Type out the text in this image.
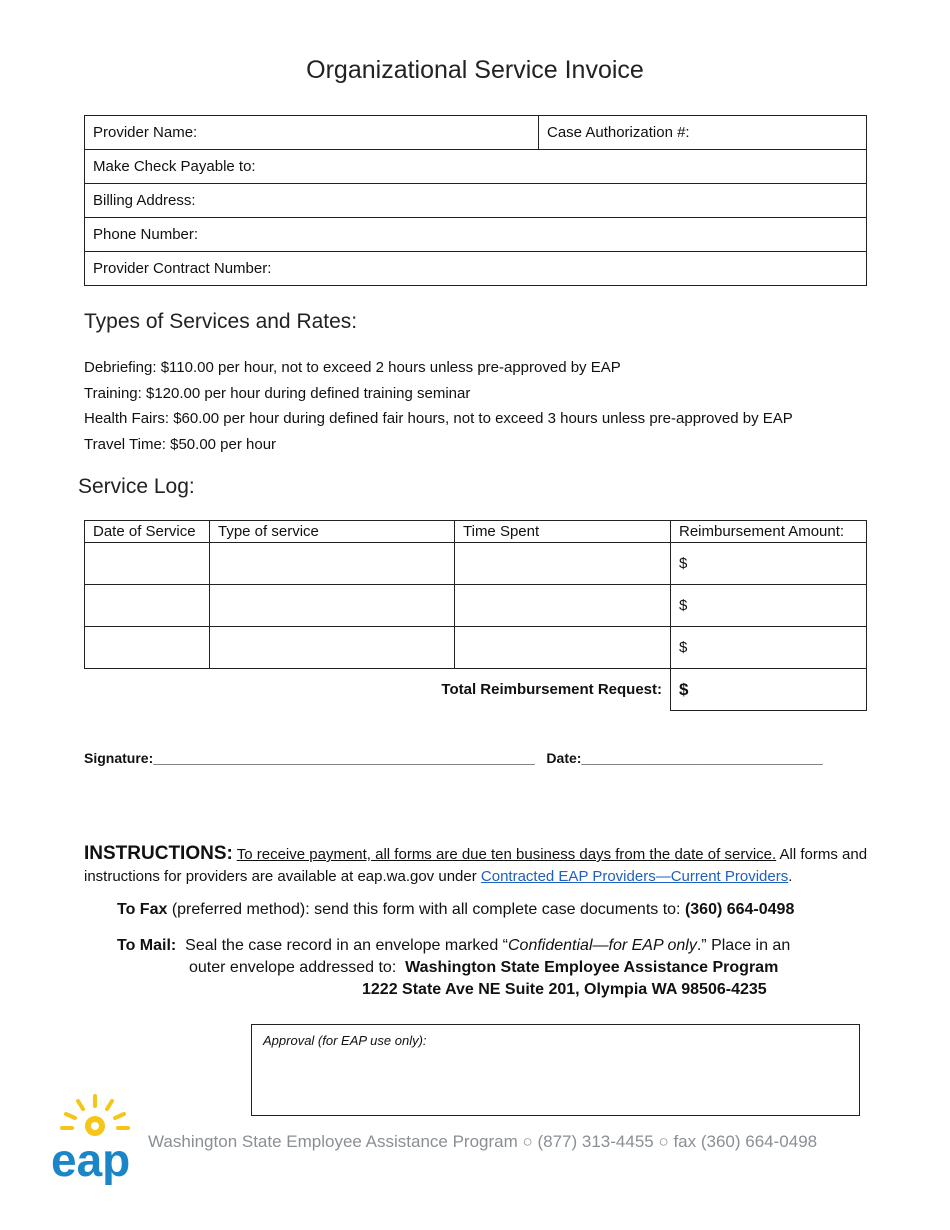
Organizational Service Invoice
Provider Name:	Case Authorization #:
Make Check Payable to:
Billing Address:
Phone Number:
Provider Contract Number:
Types of Services and Rates:
Debriefing: $110.00 per hour, not to exceed 2 hours unless pre-approved by EAP
Training: $120.00 per hour during defined training seminar
Health Fairs: $60.00 per hour during defined fair hours, not to exceed 3 hours unless pre-approved by EAP
Travel Time: $50.00 per hour
Service Log:
Date of Service	Type of service	Time Spent	Reimbursement Amount:
			$
			$
			$
Total Reimbursement Request:			$
Signature:_________________________________________________ Date:_______________________________
INSTRUCTIONS: To receive payment, all forms are due ten business days from the date of service. All forms and instructions for providers are available at eap.wa.gov under Contracted EAP Providers—Current Providers.
To Fax (preferred method): send this form with all complete case documents to: (360) 664-0498
To Mail: Seal the case record in an envelope marked “Confidential—for EAP only.” Place in an
outer envelope addressed to: Washington State Employee Assistance Program
1222 State Ave NE Suite 201, Olympia WA 98506-4235
Approval (for EAP use only):
eap Washington State Employee Assistance Program ○ (877) 313-4455 ○ fax (360) 664-0498
